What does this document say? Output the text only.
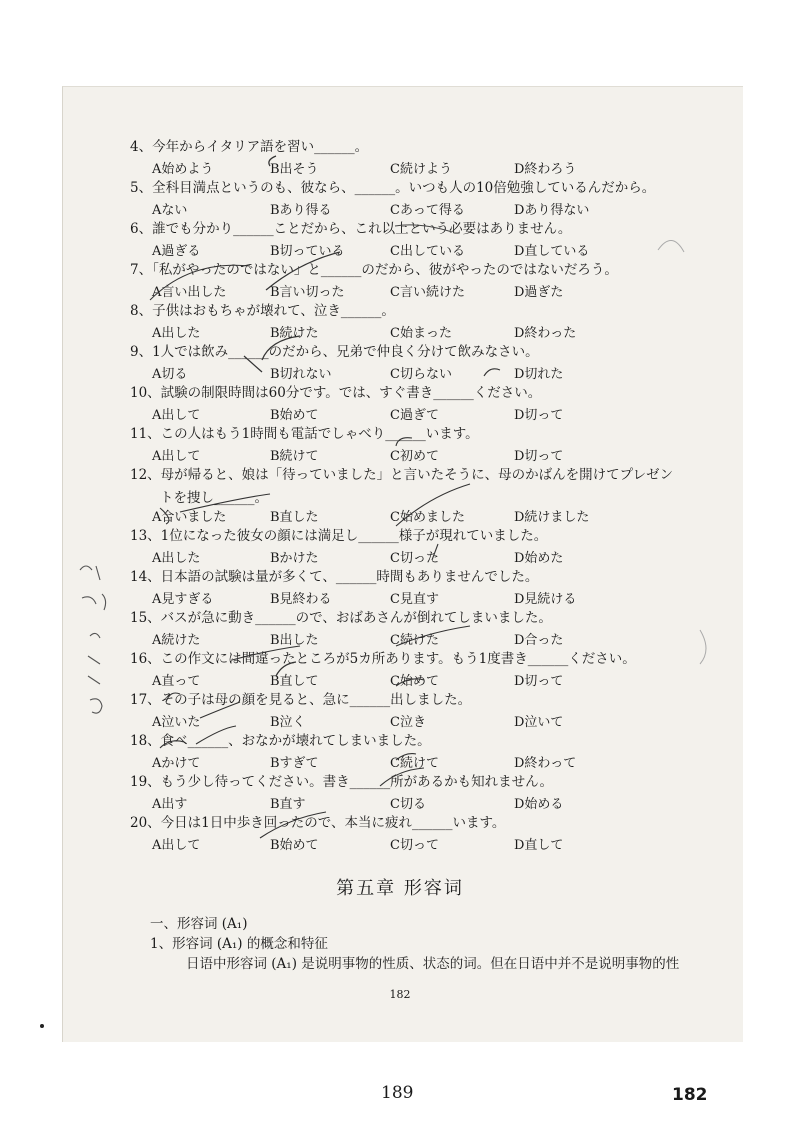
4、今年からイタリア語を習い______。
A始めよう	B出そう	C続けよう	D終わろう
5、全科目満点というのも、彼なら、______。いつも人の10倍勉強しているんだから。
Aない	Bあり得る	Cあって得る	Dあり得ない
6、誰でも分かり______ことだから、これ以上という必要はありません。
A過ぎる	B切っている	C出している	D直している
7、「私がやったのではない」と______のだから、彼がやったのではないだろう。
A言い出した	B言い切った	C言い続けた	D過ぎた
8、子供はおもちゃが壊れて、泣き______。
A出した	B続けた	C始まった	D終わった
9、1人では飲み______のだから、兄弟で仲良く分けて飲みなさい。
A切る	B切れない	C切らない	D切れた
10、試験の制限時間は60分です。では、すぐ書き______ください。
A出して	B始めて	C過ぎて	D切って
11、この人はもう1時間も電話でしゃべり______います。
A出して	B続けて	C初めて	D切って
12、母が帰ると、娘は「待っていました」と言いたそうに、母のかばんを開けてプレゼン
トを捜し______。
A合いました	B直した	C始めました	D続けました
13、1位になった彼女の顔には満足し______様子が現れていました。
A出した	Bかけた	C切った	D始めた
14、日本語の試験は量が多くて、______時間もありませんでした。
A見すぎる	B見終わる	C見直す	D見続ける
15、バスが急に動き______ので、おばあさんが倒れてしまいました。
A続けた	B出した	C続けた	D合った
16、この作文には間違ったところが5カ所あります。もう1度書き______ください。
A直って	B直して	C始めて	D切って
17、その子は母の顔を見ると、急に______出しました。
A泣いた	B泣く	C泣き	D泣いて
18、食べ______、おなかが壊れてしまいました。
Aかけて	Bすぎて	C続けて	D終わって
19、もう少し待ってください。書き______所があるかも知れません。
A出す	B直す	C切る	D始める
20、今日は1日中歩き回ったので、本当に疲れ______います。
A出して	B始めて	C切って	D直して
第五章 形容词
一、形容词 (A₁)
1、形容词 (A₁) 的概念和特征
日语中形容词 (A₁) 是说明事物的性质、状态的词。但在日语中并不是说明事物的性
182
189	182
